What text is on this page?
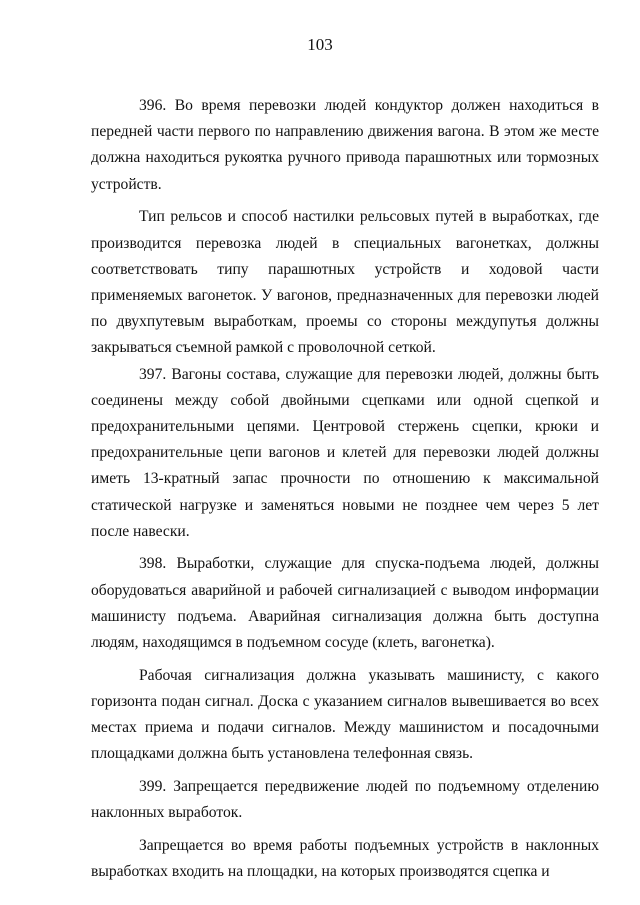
103

396. Во время перевозки людей кондуктор должен находиться в передней части первого по направлению движения вагона. В этом же месте должна находиться рукоятка ручного привода парашютных или тормозных устройств.

Тип рельсов и способ настилки рельсовых путей в выработках, где производится перевозка людей в специальных вагонетках, должны соответствовать типу парашютных устройств и ходовой части применяемых вагонеток. У вагонов, предназначенных для перевозки людей по двухпутевым выработкам, проемы со стороны междупутья должны закрываться съемной рамкой с проволочной сеткой.

397. Вагоны состава, служащие для перевозки людей, должны быть соединены между собой двойными сцепками или одной сцепкой и предохранительными цепями. Центровой стержень сцепки, крюки и предохранительные цепи вагонов и клетей для перевозки людей должны иметь 13-кратный запас прочности по отношению к максимальной статической нагрузке и заменяться новыми не позднее чем через 5 лет после навески.

398. Выработки, служащие для спуска-подъема людей, должны оборудоваться аварийной и рабочей сигнализацией с выводом информации машинисту подъема. Аварийная сигнализация должна быть доступна людям, находящимся в подъемном сосуде (клеть, вагонетка).

Рабочая сигнализация должна указывать машинисту, с какого горизонта подан сигнал. Доска с указанием сигналов вывешивается во всех местах приема и подачи сигналов. Между машинистом и посадочными площадками должна быть установлена телефонная связь.

399. Запрещается передвижение людей по подъемному отделению наклонных выработок.

Запрещается во время работы подъемных устройств в наклонных выработках входить на площадки, на которых производятся сцепка и
